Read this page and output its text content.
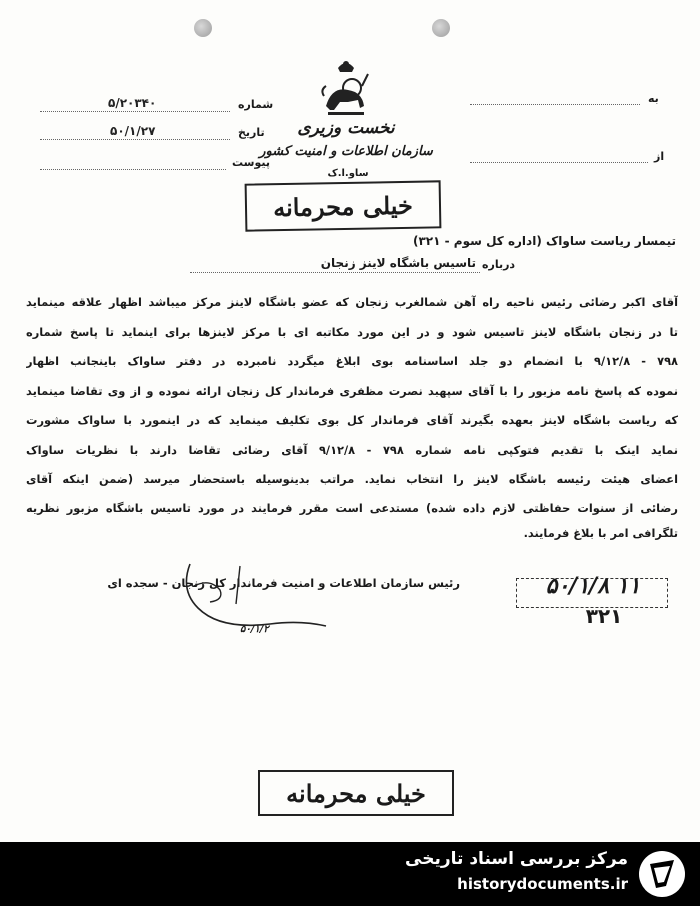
به
از
نخست وزیری
سازمان اطلاعات و امنیت کشور
ساو.ا.ک
شماره
۵/۲۰۳۴۰
تاریخ
۵۰/۱/۲۷
پیوست
خیلی محرمانه
تیمسار ریاست ساواک (اداره کل سوم - ۳۲۱)
درباره
تاسیس باشگاه لاینز زنجان
آقای اکبر رضائی رئیس ناحیه راه آهن شمالغرب زنجان که عضو باشگاه لاینز مرکز میباشد اظهار علاقه مینماید
تا در زنجان باشگاه لاینز تاسیس شود و در این مورد مکاتبه ای با مرکز لاینزها برای اینماید تا پاسخ شماره
۷۹۸ - ۹/۱۲/۸ با انضمام دو جلد اساسنامه بوی ابلاغ میگردد نامبرده در دفتر ساواک باینجانب اظهار
نموده که پاسخ نامه مزبور را با آقای سپهبد نصرت مظفری فرماندار کل زنجان ارائه نموده و از وی تقاضا مینماید
که ریاست باشگاه لاینز بعهده بگیرند آقای فرماندار کل بوی تکلیف مینماید که در اینمورد با ساواک مشورت
نماید اینک با تقدیم فتوکپی نامه شماره ۷۹۸ - ۹/۱۲/۸ آقای رضائی تقاضا دارند با نظریات ساواک
اعضای هیئت رئیسه باشگاه لاینز را انتخاب نماید. مراتب بدینوسیله باستحضار میرسد (ضمن اینکه آقای
رضائی از سنوات حفاظتی لازم داده شده) مستدعی است مقرر فرمایند در مورد تاسیس باشگاه مزبور نظریه
تلگرافی امر با بلاغ فرمایند.
رئیس سازمان اطلاعات و امنیت فرماندار کل زنجان - سجده ای
۵۰/۱/۲
۵۰/۱/۸ ۱۱
۳۲۱
خیلی محرمانه
مرکز بررسی اسناد تاریخی
historydocuments.ir
